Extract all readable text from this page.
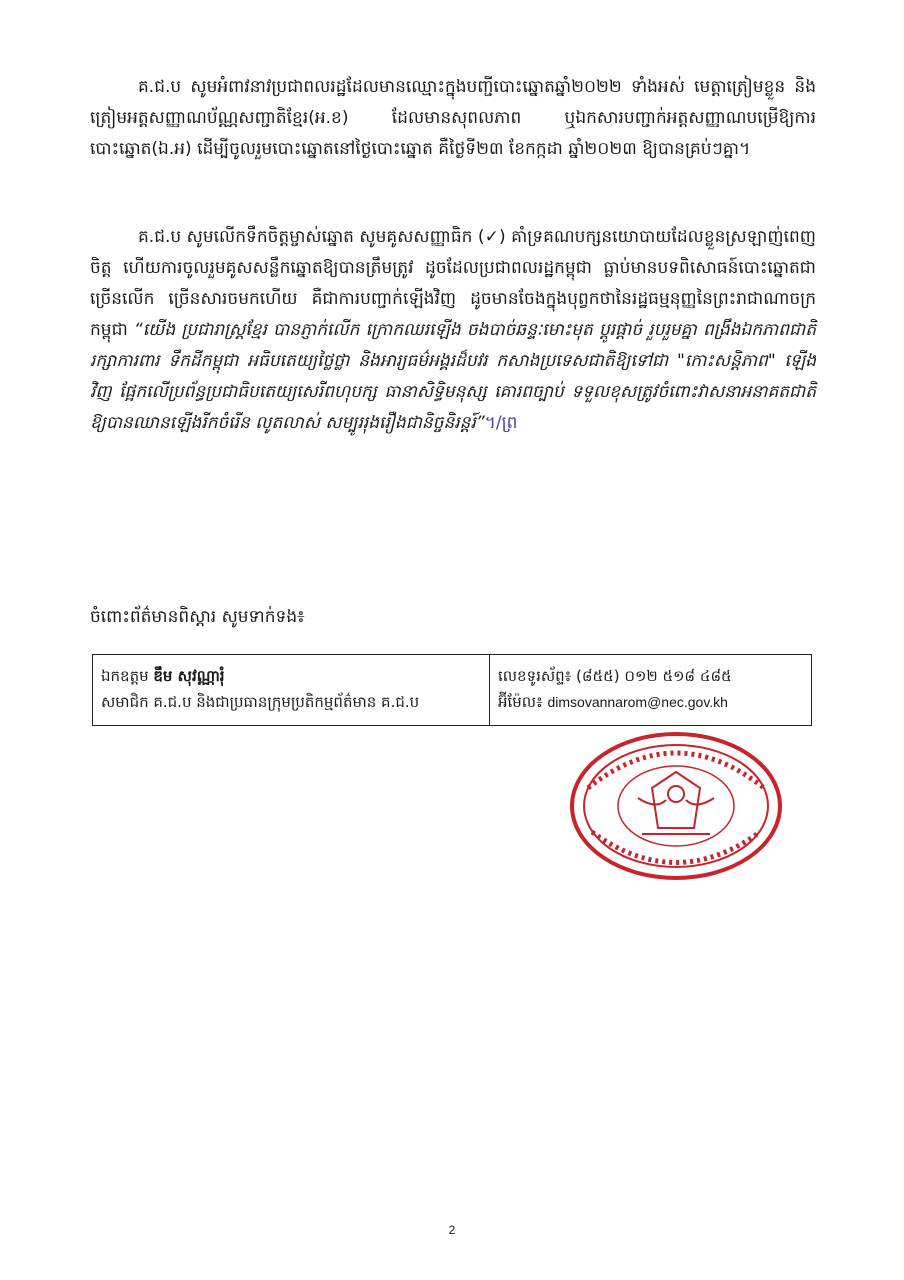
គ.ជ.ប សូមអំពាវនាវប្រជាពលរដ្ឋដែលមានឈ្មោះក្នុងបញ្ជីបោះឆ្នោតឆ្នាំ២០២២ ទាំងអស់ មេត្តាត្រៀមខ្លួន និងត្រៀមអត្តសញ្ញាណប័ណ្ណសញ្ជាតិខ្មែរ(អ.ខ) ដែលមានសុពលភាព ឬឯកសារបញ្ជាក់អត្តសញ្ញាណបម្រើឱ្យការបោះឆ្នោត(ឯ.អ) ដើម្បីចូលរួមបោះឆ្នោតនៅថ្ងៃបោះឆ្នោត គឺថ្ងៃទី២៣ ខែកក្កដា ឆ្នាំ២០២៣ ឱ្យបានគ្រប់ៗគ្នា។

គ.ជ.ប សូមលើកទឹកចិត្តម្ចាស់ឆ្នោត សូមគូសសញ្ញាធិក (✓) គាំទ្រគណបក្សនយោបាយដែលខ្លួនស្រឡាញ់ពេញចិត្ត ហើយការចូលរួមគូសសន្លឹកឆ្នោតឱ្យបានត្រឹមត្រូវ ដូចដែលប្រជាពលរដ្ឋកម្ពុជា ធ្លាប់មានបទពិសោធន៍បោះឆ្នោតជាច្រើនលើក ច្រើនសារចមកហើយ គឺជាការបញ្ជាក់ឡើងវិញ ដូចមានចែងក្នុងបុព្វកថានៃរដ្ឋធម្មនុញ្ញនៃព្រះរាជាណាចក្រកម្ពុជា “យើង ប្រជារាស្ត្រខ្មែរ បានភ្ញាក់លើក ក្រោកឈរឡើង ចងបាច់ឆន្ទៈមោះមុត ប្តូរផ្តាច់ រួបរួមគ្នា ពង្រឹងឯកភាពជាតិ រក្សាការពារ ទឹកដីកម្ពុជា អធិបតេយ្យថ្លៃថ្លា និងអារ្យធម៌អង្គរដ៏បវរ កសាងប្រទេសជាតិឱ្យទៅជា "កោះសន្តិភាព" ឡើងវិញ ផ្អែកលើប្រព័ន្ធប្រជាធិបតេយ្យសេរីពហុបក្ស ធានាសិទ្ធិមនុស្ស គោរពច្បាប់ ទទួលខុសត្រូវចំពោះវាសនាអនាគតជាតិ ឱ្យបានឈានឡើងរីកចំរើន លូតលាស់ សម្បូររុងរឿងជានិច្ចនិរន្តរ៍”។/ព្រ

ចំពោះព័ត៌មានពិស្តារ សូមទាក់ទង៖

ឯកឧត្តម ឌឹម សុវណ្ណារុំ
សមាជិក គ.ជ.ប និងជាប្រធានក្រុមប្រតិកម្មព័ត៌មាន គ.ជ.ប

លេខទូរស័ព្ទ៖ (៨៥៥) ០១២ ៥១៨ ៤៨៥
អ៊ីម៉ែល៖ dimsovannarom@nec.gov.kh
2
